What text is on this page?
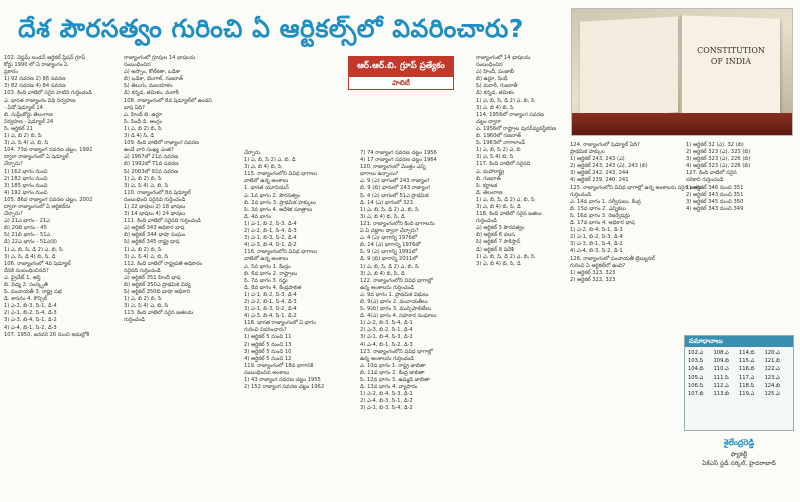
దేశ పౌరసత్వం గురించి ఏ ఆర్టికల్స్‌లో వివరించారు?
CONSTITUTION OF INDIA
ఆర్.ఆర్.బి. గ్రూప్ ప్రత్యేకం
పాలిటీ

102. వెస్టమ్ లండన్ ఆర్టికల్ స్లేషన్ గ్రూప్

కోర్టు 1990 లో ఏ రాజ్యాంగం ఏ

ప్రకారం

1) 92 సవరణ 2) 86 సవరణ

3) 82 సవరణ 4) 84 సవరణ

103. కింది వాటిలో సరైన వాటిని గుర్తించండి

ఎ. భారత రాజ్యాంగం విధి నిర్వహణ

- ఏడో షెడ్యూల్ 14

బి. సుప్రీంకోర్టు తెలంగాణ

నిర్వహణ - షెడ్యూల్ 24

సి. ఆర్టికల్ 21

1) ఎ, బి 2) బి, సి

3) ఎ, సి 4) ఎ, బి, సి

104. 73వ రాజ్యాంగ సవరణ చట్టం, 1992

ద్వారా రాజ్యాంగంలో ఏ షెడ్యూల్

చేర్చారు?

1) 162 భాగం నుంచి

2) 182 భాగం నుంచి

3) 185 భాగం నుంచి

4) 192 భాగం నుంచి

105. 86వ రాజ్యాంగ సవరణ చట్టం, 2002

ద్వారా రాజ్యాంగంలో ఏ ఆర్టికల్‌ను

చేర్చారు?

ఎ) 21ఎ భాగం - 21ఎ

బి) 20బి భాగం - 45

సి) 21బి భాగం - 51ఎ

డి) 22ఎ భాగం - 51ఎ(కె)

1) ఎ, బి, సి, డి 2) ఎ, బి, సి

3) ఎ, సి, డి 4) బి, సి, డి

106. రాజ్యాంగంలో 4వ షెడ్యూల్

దేనికి సంబంధించినది?

ఎ. ప్రైవేట్ 1. ఆస్తి

బి. విద్య 2. సంస్కృతి

సి. పంచాయతీ 3. రాష్ట్ర సభ

డి. శాసనం 4. కౌన్సిల్

1) ఎ-2, బి-3, సి-1, డి-4

2) ఎ-1, బి-2, సి-4, డి-3

3) ఎ-3, బి-4, సి-1, డి-2

4) ఎ-4, బి-1, సి-2, డి-3

107. 1950, జనవరి 26 నుంచి అమల్లోకి

రాజ్యాంగంలో గ్రూపుల 14 భాషలను

సంబంధించిన

ఎ) అస్సాం, కోల్‌కతా, ఒడిశా

బి) ఒడిశా, బెంగాల్, గుజరాత్

సి) తెలుగు, మలయాళం

డి) కన్నడ, తమిళం, మరాఠీ

108. రాజ్యాంగంలో 8వ షెడ్యూల్‌లో ఉండని

భాష ఏది?

ఎ. హిందీ బి. ఉర్దూ

సి. సింధీ డి. ఆంగ్లం

1) ఎ, బి 2) బి, సి

3) డి 4) సి, డి

109. కింది వాటిలో రాజ్యాంగ సవరణ

ఉండే వారి సంఖ్య ఎంత?

ఎ) 1967లో 21వ సవరణ

బి) 1992లో 71వ సవరణ

సి) 2003లో 92వ సవరణ

1) ఎ, బి 2) బి, సి

3) ఎ, సి 4) ఎ, బి, సి

110. రాజ్యాంగంలో 8వ షెడ్యూల్

సంబంధించి సరైనవి గుర్తించండి

1) 22 భాషలు 2) 18 భాషలు

3) 14 భాషలు 4) 24 భాషలు

111. కింది వాటిలో సరైనది గుర్తించండి

ఎ) ఆర్టికల్ 343 అధికార భాష

బి) ఆర్టికల్ 344 భాషా సంఘం

సి) ఆర్టికల్ 345 రాష్ట్ర భాష

1) ఎ, బి 2) బి, సి

3) ఎ, సి 4) ఎ, బి, సి

112. కింది వాటిలో రాష్ట్రపతి అధికారం

సరైనది గుర్తించండి

ఎ) ఆర్టికల్ 351 హిందీ భాష

బి) ఆర్టికల్ 350ఎ ప్రాథమిక విద్య

సి) ఆర్టికల్ 350బి భాషా అధికారి

1) ఎ, బి 2) బి, సి

3) ఎ, సి 4) ఎ, బి, సి

113. కింది వాటిలో సరైన జతలను

గుర్తించండి

చేర్చారు.

1) ఎ, బి, సి 2) ఎ, బి, డి

3) ఎ, బి 4) బి, సి

115. రాజ్యాంగంలోని వివిధ భాగాలు

వాటిలో ఉన్న అంశాలు

1. భారత యూనియన్

ఎ. 1వ భాగం 2. పౌరసత్వం

బి. 2వ భాగం 3. ప్రాథమిక హక్కులు

సి. 3వ భాగం 4. ఆదేశిక సూత్రాలు

డి. 4వ భాగం

1) ఎ-1, బి-2, సి-3, డి-4

2) ఎ-2, బి-1, సి-4, డి-3

3) ఎ-1, బి-3, సి-2, డి-4

4) ఎ-3, బి-4, సి-1, డి-2

116. రాజ్యాంగంలోని వివిధ భాగాలు

వాటిలో ఉన్న అంశాలు

ఎ. 5వ భాగం 1. కేంద్రం

బి. 6వ భాగం 2. రాష్ట్రాలు

సి. 7వ భాగం 3. రద్దు

డి. 8వ భాగం 4. కేంద్రపాలిత

1) ఎ-1, బి-2, సి-3, డి-4

2) ఎ-2, బి-1, సి-4, డి-3

3) ఎ-1, బి-3, సి-2, డి-4

4) ఎ-3, బి-4, సి-1, డి-2

118. భారత రాజ్యాంగంలో ఏ భాగం

గురించి వివరించారు?

1) ఆర్టికల్ 5 నుంచి 11

2) ఆర్టికల్ 5 నుంచి 13

3) ఆర్టికల్ 5 నుంచి 10

4) ఆర్టికల్ 5 నుంచి 12

119. రాజ్యాంగంలో 18వ భాగానికి

సంబంధించిన అంశాలు

1) 43 రాజ్యాంగ సవరణ చట్టం 1955

2) 152 రాజ్యాంగ సవరణ చట్టం 1962

7) 74 రాజ్యాంగ సవరణ చట్టం 1956

4) 17 రాజ్యాంగ సవరణ చట్టం 1964

120. రాజ్యాంగంలో మొత్తం ఎన్ని

భాగాలు ఉన్నాయి?

ఎ. 9 (ఎ) భాగంలో 243 రాజ్యాంగ

బి. 9 (బి) భాగంలో 243 రాజ్యాంగ

సి. 4 (ఎ) భాగంలో 51ఎ ప్రాథమిక

డి. 14 (ఎ) భాగంలో 323

1) ఎ, బి, సి, డి 2) ఎ, బి, సి

3) ఎ, బి 4) బి, సి, డి

121. రాజ్యాంగంలోని కింది భాగాలను

ఏ ఏ చట్టాల ద్వారా చేర్చారు?

ఎ. 4 (ఎ) భాగాన్ని 1976లో

బి. 14 (ఎ) భాగాన్ని 1976లో

సి. 9 (ఎ) భాగాన్ని 1992లో

డి. 9 (బి) భాగాన్ని 2011లో

1) ఎ, బి, సి, డి 2) ఎ, బి, సి

3) ఎ, బి 4) బి, సి, డి

122. రాజ్యాంగంలోని వివిధ భాగాల్లో

ఉన్న అంశాలను గుర్తించండి

ఎ. 9వ భాగం 1. ప్రాథమిక విధులు

బి. 9(ఎ) భాగం 2. పంచాయతీలు

సి. 9(బి) భాగం 3. మున్సిపాలిటీలు

డి. 4(ఎ) భాగం 4. సహకార సంఘాలు

1) ఎ-2, బి-3, సి-4, డి-1

2) ఎ-3, బి-2, సి-1, డి-4

3) ఎ-1, బి-4, సి-3, డి-2

4) ఎ-4, బి-1, సి-2, డి-3

123. రాజ్యాంగంలోని వివిధ భాగాల్లో

ఉన్న అంశాలను గుర్తించండి

ఎ. 10వ భాగం 1. రాష్ట్ర జాబితా

బి. 11వ భాగం 2. కేంద్ర జాబితా

సి. 12వ భాగం 3. ఉమ్మడి జాబితా

డి. 13వ భాగం 4. వ్యాపారం

1) ఎ-2, బి-4, సి-3, డి-1

2) ఎ-4, బి-3, సి-1, డి-2

3) ఎ-1, బి-3, సి-4, డి-2

రాజ్యాంగంలో 14 భాషలను

సంబంధించిన

ఎ) హిందీ, పంజాబీ

బి) ఉర్దూ, సింధీ

సి) మరాఠీ, గుజరాతీ

డి) కన్నడ, తమిళం

1) ఎ, బి, సి, డి 2) ఎ, బి, సి

3) ఎ, బి 4) బి, సి

114. 1956లో రాజ్యాంగ సవరణ

చట్టం ద్వారా

ఎ. 1956లో రాష్ట్రాల పునర్‌వ్యవస్థీకరణ

బి. 1960లో గుజరాత్

సి. 1963లో నాగాలాండ్

1) ఎ, బి, సి 2) ఎ, బి

3) ఎ, సి 4) బి, సి

117. కింది వాటిలో సరైనది

ఎ. మహారాష్ట్ర

బి. గుజరాత్

సి. కర్ణాటక

డి. తెలంగాణ

1) ఎ, బి, సి, డి 2) ఎ, బి, సి

3) ఎ, బి 4) బి, సి, డి

118. కింది వాటిలో సరైన జతలు

గుర్తించండి

ఎ) ఆర్టికల్ 5 పౌరసత్వం

బి) ఆర్టికల్ 6 వలస

సి) ఆర్టికల్ 7 పాకిస్తాన్

డి) ఆర్టికల్ 8 విదేశీ

1) ఎ, బి, సి, డి 2) ఎ, బి, సి

3) ఎ, బి 4) బి, సి, డి

124. రాజ్యాంగంలో షెడ్యూల్ ఏది?

ప్రాథమిక హక్కుల

1) ఆర్టికల్ 243, 243 (ఎ)

2) ఆర్టికల్ 243, 243 (ఎ), 243 (బి)

3) ఆర్టికల్ 242, 243, 244

4) ఆర్టికల్ 239, 240, 241

125. రాజ్యాంగంలోని వివిధ భాగాల్లో ఉన్న అంశాలను సరైన జతలు

గుర్తించండి

ఎ. 14వ భాగం 1. సర్వీసులు, కేంద్ర

బి. 15వ భాగం 2. ఎన్నికలు

సి. 16వ భాగం 3. రిజర్వేషన్లు

డి. 17వ భాగం 4. అధికార భాష

1) ఎ-2, బి-4, సి-1, డి-3

2) ఎ-1, బి-2, సి-3, డి-4

3) ఎ-3, బి-1, సి-4, డి-2

4) ఎ-4, బి-3, సి-2, డి-1

126. రాజ్యాంగంలో పంచాయతీ ట్రిబ్యునల్

గురించి ఏ ఆర్టికల్‌లో ఉంది?

1) ఆర్టికల్ 323, 323

2) ఆర్టికల్ 322, 323

1) ఆర్టికల్ 32 (ఎ), 32 (బి)

2) ఆర్టికల్ 323 (ఎ), 323 (బి)

3) ఆర్టికల్ 323 (ఎ), 226 (బి)

4) ఆర్టికల్ 323 (ఎ), 226 (బి)

127. కింది వాటిలో సరైన

సరికాని గుర్తించండి

1) ఆర్టికల్ 346 నుంచి 351

2) ఆర్టికల్ 343 నుంచి 351

3) ఆర్టికల్ 345 నుంచి 350

4) ఆర్టికల్ 343 నుంచి 349

సమాధానాలు
102.ఎ	108.ఎ	114.బి	120.ఎ
103.సి	109.బి	115.ఎ	121.బి
104.బి	110.ఎ	116.బి	122.ఎ
105.ఎ	111.సి	117.ఎ	123.ఎ
106.సి	112.ఎ	118.సి	124.బి
107.బి	113.బి	119.ఎ	125.ఎ
శైలేంద్రరెడ్డి
ఫ్యాకల్టీ
ఏకేఎస్ స్టడీ సర్కిల్, హైదరాబాద్
